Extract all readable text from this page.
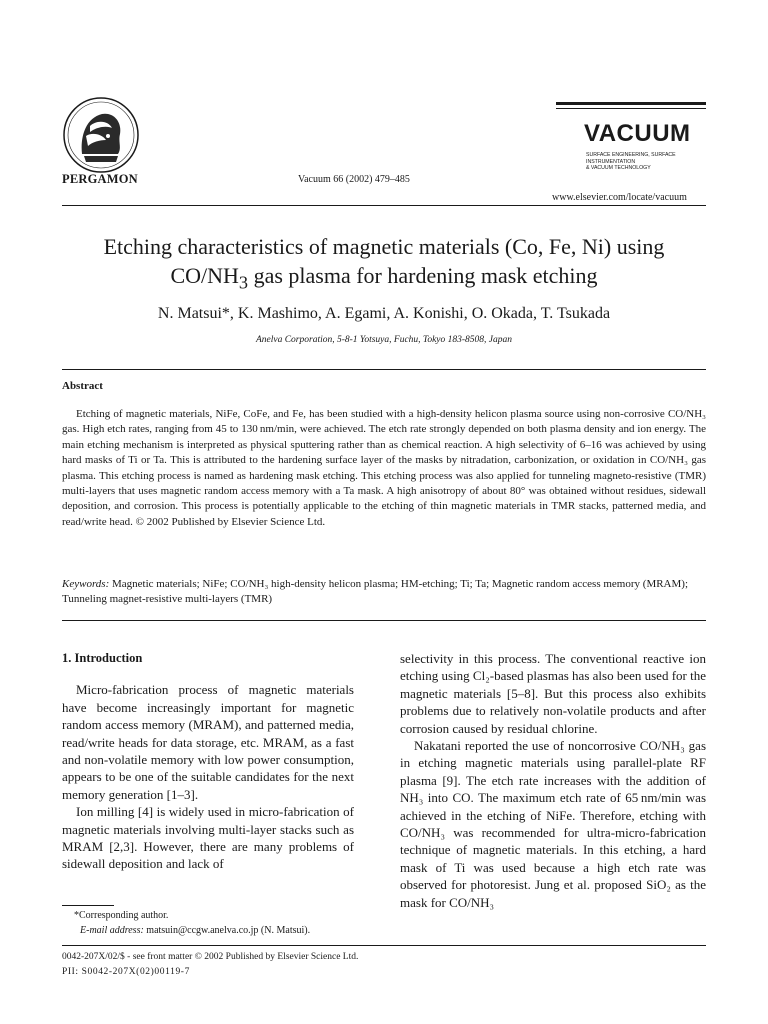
PERGAMON	Vacuum 66 (2002) 479–485
VACUUM
SURFACE ENGINEERING, SURFACE INSTRUMENTATION
& VACUUM TECHNOLOGY
www.elsevier.com/locate/vacuum
Etching characteristics of magnetic materials (Co, Fe, Ni) using
$CO/NH_3$ gas plasma for hardening mask etching
N. Matsui*, K. Mashimo, A. Egami, A. Konishi, O. Okada, T. Tsukada
Anelva Corporation, 5-8-1 Yotsuya, Fuchu, Tokyo 183-8508, Japan
Abstract
Etching of magnetic materials, NiFe, CoFe, and Fe, has been studied with a high-density helicon plasma source using non-corrosive CO/NH₃ gas. High etch rates, ranging from 45 to 130 nm/min, were achieved. The etch rate strongly depended on both plasma density and ion energy. The main etching mechanism is interpreted as physical sputtering rather than as chemical reaction. A high selectivity of 6–16 was achieved by using hard masks of Ti or Ta. This is attributed to the hardening surface layer of the masks by nitradation, carbonization, or oxidation in CO/NH₃ gas plasma. This etching process is named as hardening mask etching. This etching process was also applied for tunneling magneto-resistive (TMR) multi-layers that uses magnetic random access memory with a Ta mask. A high anisotropy of about 80° was obtained without residues, sidewall deposition, and corrosion. This process is potentially applicable to the etching of thin magnetic materials in TMR stacks, patterned media, and read/write head. © 2002 Published by Elsevier Science Ltd.
Keywords: Magnetic materials; NiFe; CO/NH₃ high-density helicon plasma; HM-etching; Ti; Ta; Magnetic random access memory (MRAM); Tunneling magnet-resistive multi-layers (TMR)
1. Introduction

Micro-fabrication process of magnetic materials have become increasingly important for magnetic random access memory (MRAM), and patterned media, read/write heads for data storage, etc. MRAM, as a fast and non-volatile memory with low power consumption, appears to be one of the suitable candidates for the next memory generation [1–3].

Ion milling [4] is widely used in micro-fabrication of magnetic materials involving multi-layer stacks such as MRAM [2,3]. However, there are many problems of sidewall deposition and lack of

selectivity in this process. The conventional reactive ion etching using Cl₂-based plasmas has also been used for the magnetic materials [5–8]. But this process also exhibits problems due to relatively non-volatile products and after corrosion caused by residual chlorine.

Nakatani reported the use of noncorrosive CO/NH₃ gas in etching magnetic materials using parallel-plate RF plasma [9]. The etch rate increases with the addition of NH₃ into CO. The maximum etch rate of 65 nm/min was achieved in the etching of NiFe. Therefore, etching with CO/NH₃ was recommended for ultra-micro-fabrication technique of magnetic materials. In this etching, a hard mask of Ti was used because a high etch rate was observed for photoresist. Jung et al. proposed SiO₂ as the mask for CO/NH₃

*Corresponding author.
E-mail address: matsuin@ccgw.anelva.co.jp (N. Matsui).
0042-207X/02/$ - see front matter © 2002 Published by Elsevier Science Ltd.
PII: S0042-207X(02)00119-7
